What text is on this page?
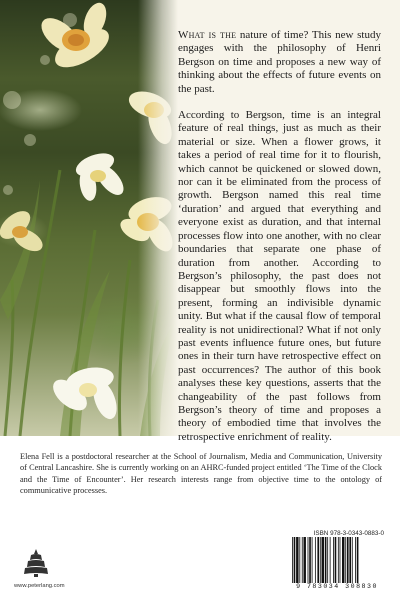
What is the nature of time? This new study engages with the philosophy of Henri Bergson on time and proposes a new way of thinking about the effects of future events on the past.

According to Bergson, time is an integral feature of real things, just as much as their material or size. When a flower grows, it takes a period of real time for it to flourish, which cannot be quickened or slowed down, nor can it be eliminated from the process of growth. Bergson named this real time ‘duration’ and argued that everything and everyone exist as duration, and that internal processes flow into one another, with no clear boundaries that separate one phase of duration from another. According to Bergson’s philosophy, the past does not disappear but smoothly flows into the present, forming an indivisible dynamic unity. But what if the causal flow of temporal reality is not unidirectional? What if not only past events influence future ones, but future ones in their turn have retrospective effect on past occurrences? The author of this book analyses these key questions, asserts that the changeability of the past follows from Bergson’s theory of time and proposes a theory of embodied time that involves the retrospective enrichment of reality.

Elena Fell is a postdoctoral researcher at the School of Journalism, Media and Communication, University of Central Lancashire. She is currently working on an AHRC-funded project entitled ‘The Time of the Clock and the Time of Encounter’. Her research interests range from objective time to the ontology of communicative processes.
www.peterlang.com
ISBN 978-3-0343-0883-0
9 783034 308830
